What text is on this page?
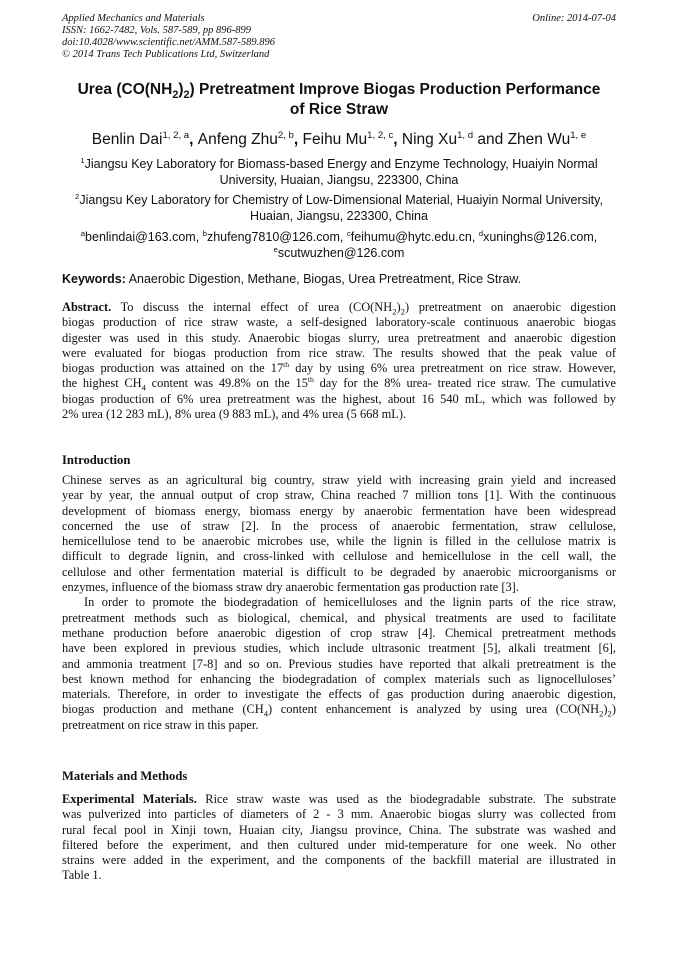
Applied Mechanics and Materials
ISSN: 1662-7482, Vols. 587-589, pp 896-899
doi:10.4028/www.scientific.net/AMM.587-589.896
© 2014 Trans Tech Publications Ltd, Switzerland
Online: 2014-07-04
Urea $(CO(NH_2)_2)$ Pretreatment Improve Biogas Production Performance
of Rice Straw
Benlin Dai$^{1, 2, a}$, Anfeng Zhu$^{2, b}$, Feihu Mu$^{1, 2, c}$, Ning Xu$^{1, d}$ and Zhen Wu$^{1, e}$
$^1$Jiangsu Key Laboratory for Biomass-based Energy and Enzyme Technology, Huaiyin Normal
University, Huaian, Jiangsu, 223300, China
$^2$Jiangsu Key Laboratory for Chemistry of Low-Dimensional Material, Huaiyin Normal University,
Huaian, Jiangsu, 223300, China
$^a$benlindai@163.com, $^b$zhufeng7810@126.com, $^c$feihumu@hytc.edu.cn, $^d$xuninghs@126.com,
$^e$scutwuzhen@126.com
Keywords: Anaerobic Digestion, Methane, Biogas, Urea Pretreatment, Rice Straw.
Abstract. To discuss the internal effect of urea $(CO(NH_2)_2)$ pretreatment on anaerobic digestion
biogas production of rice straw waste, a self-designed laboratory-scale continuous anaerobic biogas
digester was used in this study. Anaerobic biogas slurry, urea pretreatment and anaerobic digestion
were evaluated for biogas production from rice straw. The results showed that the peak value of
biogas production was attained on the 17th day by using 6% urea pretreatment on rice straw. However,
the highest $CH_4$ content was 49.8% on the 15th day for the 8% urea- treated rice straw. The cumulative
biogas production of 6% urea pretreatment was the highest, about 16 540 mL, which was followed by
2% urea (12 283 mL), 8% urea (9 883 mL), and 4% urea (5 668 mL).
Introduction
Chinese serves as an agricultural big country, straw yield with increasing grain yield and increased
year by year, the annual output of crop straw, China reached 7 million tons [1]. With the continuous
development of biomass energy, biomass energy by anaerobic fermentation have been widespread
concerned the use of straw [2]. In the process of anaerobic fermentation, straw cellulose,
hemicellulose tend to be anaerobic microbes use, while the lignin is filled in the cellulose matrix is
difficult to degrade lignin, and cross-linked with cellulose and hemicellulose in the cell wall, the
cellulose and other fermentation material is difficult to be degraded by anaerobic microorganisms or
enzymes, influence of the biomass straw dry anaerobic fermentation gas production rate [3].
In order to promote the biodegradation of hemicelluloses and the lignin parts of the rice straw,
pretreatment methods such as biological, chemical, and physical treatments are used to facilitate
methane production before anaerobic digestion of crop straw [4]. Chemical pretreatment methods
have been explored in previous studies, which include ultrasonic treatment [5], alkali treatment [6],
and ammonia treatment [7-8] and so on. Previous studies have reported that alkali pretreatment is the
best known method for enhancing the biodegradation of complex materials such as lignocelluloses’
materials. Therefore, in order to investigate the effects of gas production during anaerobic digestion,
biogas production and methane $(CH_4)$ content enhancement is analyzed by using urea $(CO(NH_2)_2)$
pretreatment on rice straw in this paper.
Materials and Methods
Experimental Materials. Rice straw waste was used as the biodegradable substrate. The substrate
was pulverized into particles of diameters of 2 - 3 mm. Anaerobic biogas slurry was collected from
rural fecal pool in Xinji town, Huaian city, Jiangsu province, China. The substrate was washed and
filtered before the experiment, and then cultured under mid-temperature for one week. No other
strains were added in the experiment, and the components of the backfill material are illustrated in
Table 1.
